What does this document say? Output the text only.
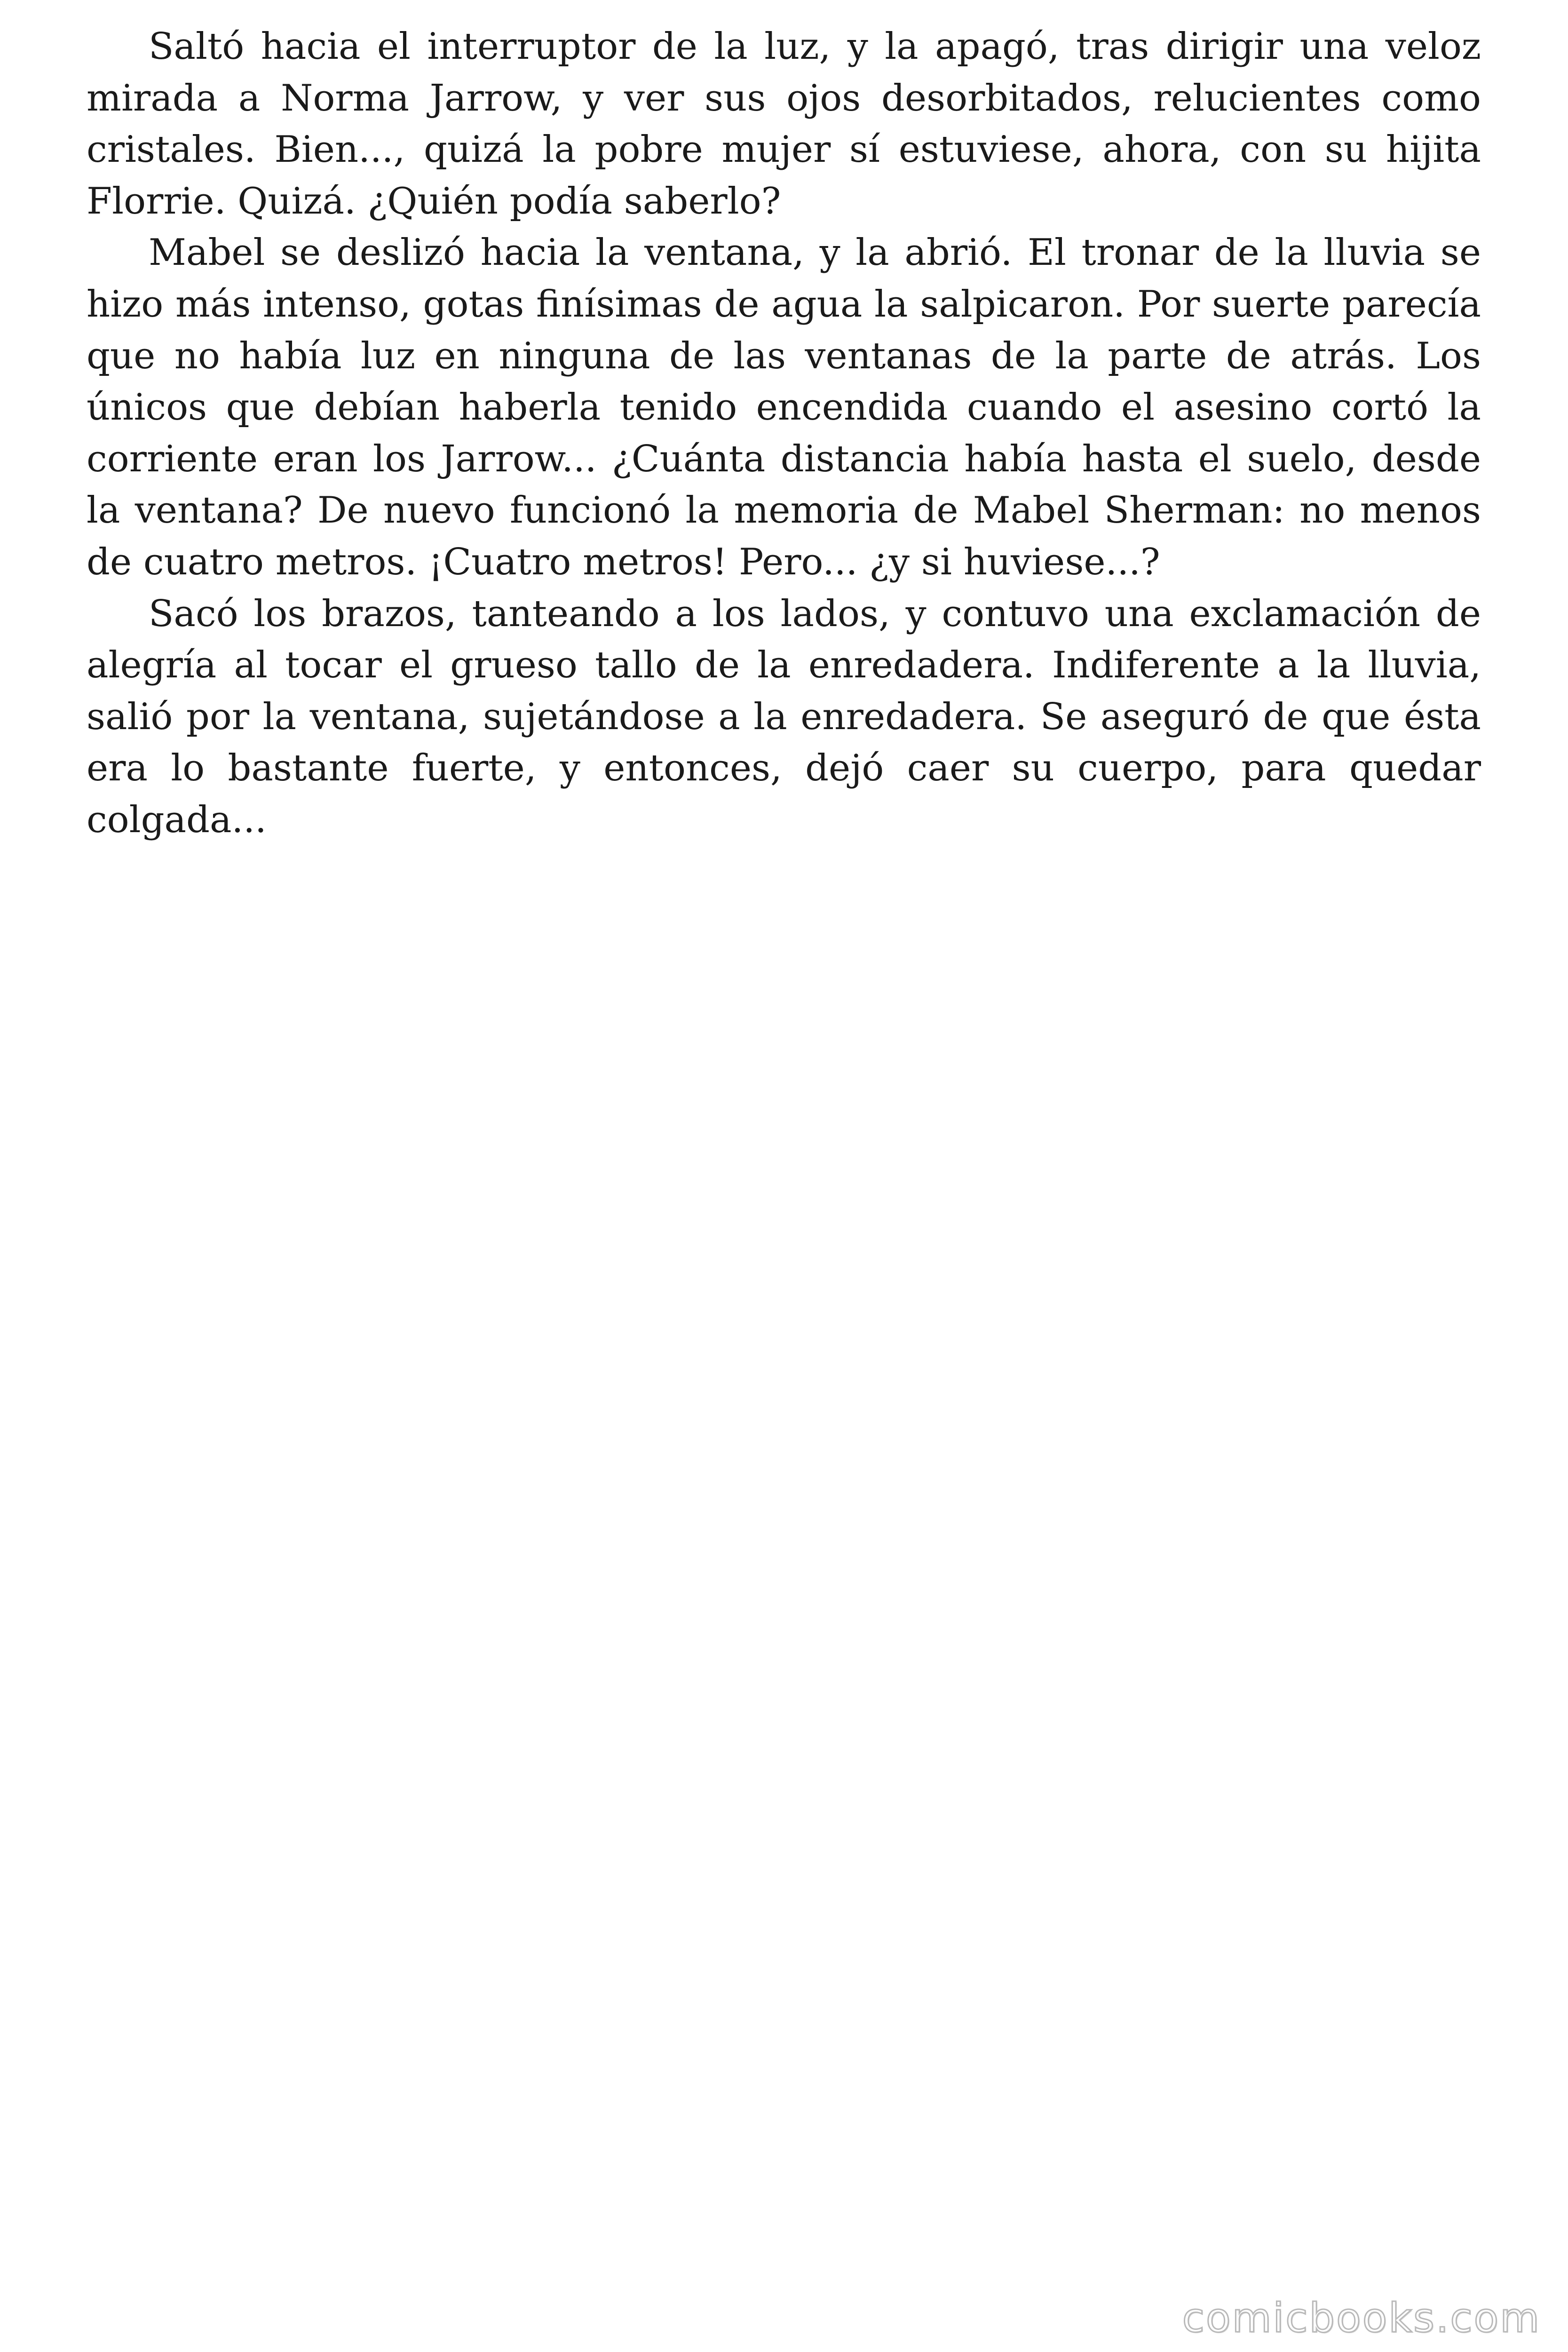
Saltó hacia el interruptor de la luz, y la apagó, tras dirigir una veloz mirada a Norma Jarrow, y ver sus ojos desorbitados, relucientes como cristales. Bien..., quizá la pobre mujer sí estuviese, ahora, con su hijita Florrie. Quizá. ¿Quién podía saberlo?

Mabel se deslizó hacia la ventana, y la abrió. El tronar de la lluvia se hizo más intenso, gotas finísimas de agua la salpicaron. Por suerte parecía que no había luz en ninguna de las ventanas de la parte de atrás. Los únicos que debían haberla tenido encendida cuando el asesino cortó la corriente eran los Jarrow... ¿Cuánta distancia había hasta el suelo, desde la ventana? De nuevo funcionó la memoria de Mabel Sherman: no menos de cuatro metros. ¡Cuatro metros! Pero... ¿y si huviese...?

Sacó los brazos, tanteando a los lados, y contuvo una exclamación de alegría al tocar el grueso tallo de la enredadera. Indiferente a la lluvia, salió por la ventana, sujetándose a la enredadera. Se aseguró de que ésta era lo bastante fuerte, y entonces, dejó caer su cuerpo, para quedar colgada...

comicbooks.com
